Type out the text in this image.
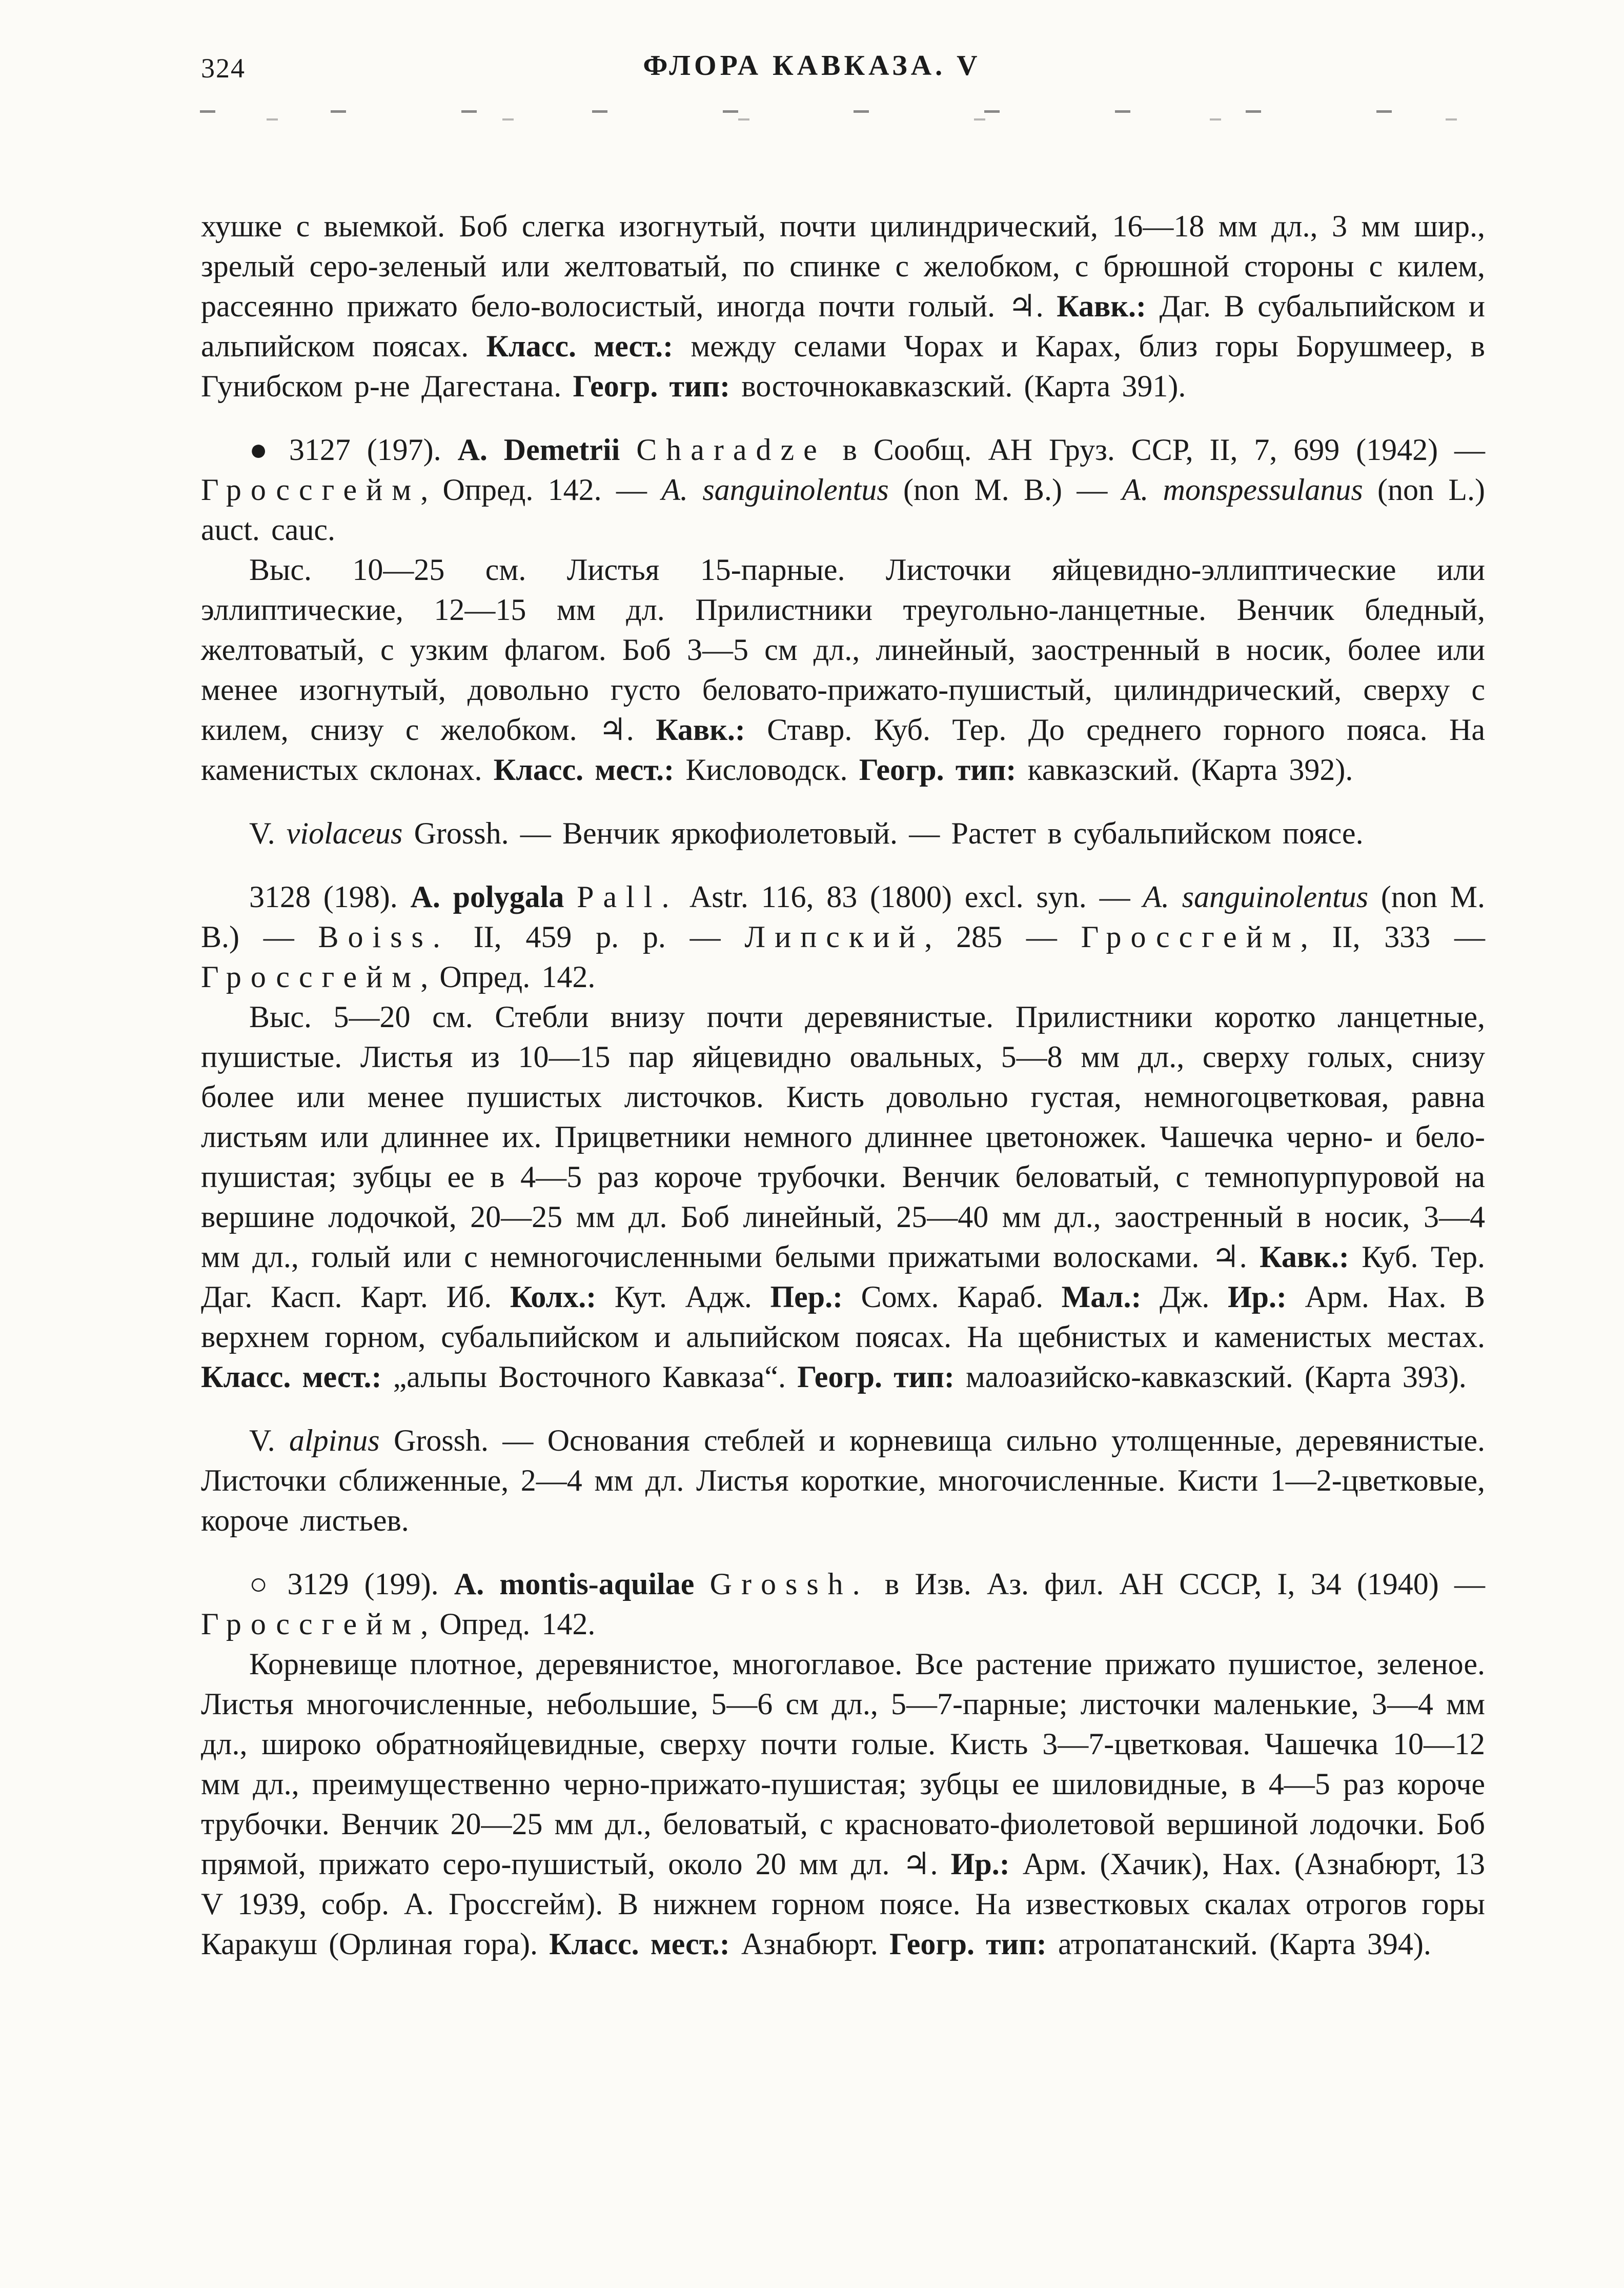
324	ФЛОРА КАВКАЗА. V

хушке с выемкой. Боб слегка изогнутый, почти цилиндрический, 16—18 мм дл., 3 мм шир., зрелый серо-зеленый или желтоватый, по спинке с желобком, с брюшной стороны с килем, рассеянно прижато бело-волосистый, иногда почти голый. ♃. Кавк.: Даг. В субальпийском и альпийском поясах. Класс. мест.: между селами Чорах и Карах, близ горы Борушмеер, в Гунибском р-не Дагестана. Геогр. тип: восточнокавказский. (Карта 391).

● 3127 (197). A. Demetrii Charadze в Сообщ. АН Груз. ССР, II, 7, 699 (1942) — Гроссгейм, Опред. 142. — A. sanguinolentus (non М. В.) — A. monspessulanus (non L.) auct. cauc.

Выс. 10—25 см. Листья 15-парные. Листочки яйцевидно-эллиптические или эллиптические, 12—15 мм дл. Прилистники треугольно-ланцетные. Венчик бледный, желтоватый, с узким флагом. Боб 3—5 см дл., линейный, заостренный в носик, более или менее изогнутый, довольно густо беловато-прижато-пушистый, цилиндрический, сверху с килем, снизу с желобком. ♃. Кавк.: Ставр. Куб. Тер. До среднего горного пояса. На каменистых склонах. Класс. мест.: Кисловодск. Геогр. тип: кавказский. (Карта 392).

V. violaceus Grossh. — Венчик яркофиолетовый. — Растет в субальпийском поясе.

3128 (198). A. polygala Pall. Astr. 116, 83 (1800) excl. syn. — A. sanguinolentus (non М. В.) — Boiss. II, 459 p. p. — Липский, 285 — Гроссгейм, II, 333 — Гроссгейм, Опред. 142.

Выс. 5—20 см. Стебли внизу почти деревянистые. Прилистники коротко ланцетные, пушистые. Листья из 10—15 пар яйцевидно овальных, 5—8 мм дл., сверху голых, снизу более или менее пушистых листочков. Кисть довольно густая, немногоцветковая, равна листьям или длиннее их. Прицветники немного длиннее цветоножек. Чашечка черно- и бело-пушистая; зубцы ее в 4—5 раз короче трубочки. Венчик беловатый, с темнопурпуровой на вершине лодочкой, 20—25 мм дл. Боб линейный, 25—40 мм дл., заостренный в носик, 3—4 мм дл., голый или с немногочисленными белыми прижатыми волосками. ♃. Кавк.: Куб. Тер. Даг. Касп. Карт. Иб. Колх.: Кут. Адж. Пер.: Сомх. Караб. Мал.: Дж. Ир.: Арм. Нах. В верхнем горном, субальпийском и альпийском поясах. На щебнистых и каменистых местах. Класс. мест.: „альпы Восточного Кавказа“. Геогр. тип: малоазийско-кавказский. (Карта 393).

V. alpinus Grossh. — Основания стеблей и корневища сильно утолщенные, деревянистые. Листочки сближенные, 2—4 мм дл. Листья короткие, многочисленные. Кисти 1—2-цветковые, короче листьев.

○ 3129 (199). A. montis-aquilae Grossh. в Изв. Аз. фил. АН СССР, I, 34 (1940) — Гроссгейм, Опред. 142.

Корневище плотное, деревянистое, многоглавое. Все растение прижато пушистое, зеленое. Листья многочисленные, небольшие, 5—6 см дл., 5—7-парные; листочки маленькие, 3—4 мм дл., широко обратнояйцевидные, сверху почти голые. Кисть 3—7-цветковая. Чашечка 10—12 мм дл., преимущественно черно-прижато-пушистая; зубцы ее шиловидные, в 4—5 раз короче трубочки. Венчик 20—25 мм дл., беловатый, с красновато-фиолетовой вершиной лодочки. Боб прямой, прижато серо-пушистый, около 20 мм дл. ♃. Ир.: Арм. (Хачик), Нах. (Азнабюрт, 13 V 1939, собр. А. Гроссгейм). В нижнем горном поясе. На известковых скалах отрогов горы Каракуш (Орлиная гора). Класс. мест.: Азнабюрт. Геогр. тип: атропатанский. (Карта 394).
